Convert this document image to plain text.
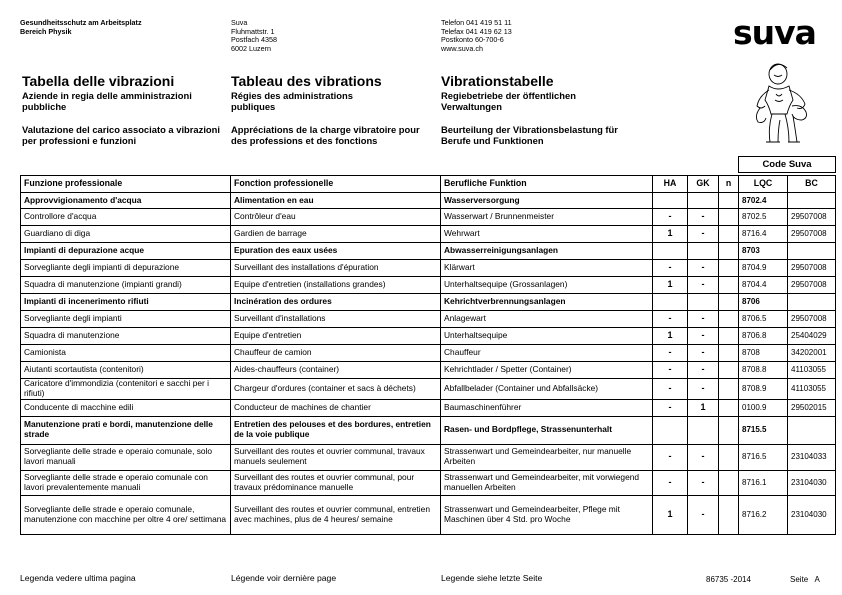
Gesundheitsschutz am Arbeitsplatz
Bereich Physik
Suva
Fluhmattstr. 1
Postfach 4358
6002 Luzern
Telefon 041 419 51 11
Telefax 041 419 62 13
Postkonto 60-700-6
www.suva.ch	suva
Tabella delle vibrazioni
Aziende in regia delle amministrazioni pubbliche
Valutazione del carico associato a vibrazioni per professioni e funzioni
Tableau des vibrations
Régies des administrations publiques
Appréciations de la charge vibratoire pour des professions et des fonctions
Vibrationstabelle
Regiebetriebe der öffentlichen Verwaltungen
Beurteilung der Vibrationsbelastung für Berufe und Funktionen
Code Suva
Funzione professionale	Fonction professionelle	Berufliche Funktion	HA	GK	n	LQC	BC
Approvvigionamento d'acqua	Alimentation en eau	Wasserversorgung				8702.4	
Controllore d'acqua	Contrôleur d'eau	Wasserwart / Brunnenmeister	-	-		8702.5	29507008
Guardiano di diga	Gardien de barrage	Wehrwart	1	-		8716.4	29507008
Impianti di depurazione acque	Epuration des eaux usées	Abwasserreinigungsanlagen				8703	
Sorvegliante degli impianti di depurazione	Surveillant des installations d'épuration	Klärwart	-	-		8704.9	29507008
Squadra di manutenzione (impianti grandi)	Equipe d'entretien (installations grandes)	Unterhaltsequipe (Grossanlagen)	1	-		8704.4	29507008
Impianti di incenerimento rifiuti	Incinération des ordures	Kehrichtverbrennungsanlagen				8706	
Sorvegliante degli impianti	Surveillant d'installations	Anlagewart	-	-		8706.5	29507008
Squadra di manutenzione	Equipe d'entretien	Unterhaltsequipe	1	-		8706.8	25404029
Camionista	Chauffeur de camion	Chauffeur	-	-		8708	34202001
Aiutanti scortautista (contenitori)	Aides-chauffeurs (container)	Kehrichtlader / Spetter (Container)	-	-		8708.8	41103055
Caricatore d'immondizia (contenitori e sacchi per i rifiuti)	Chargeur d'ordures (container et sacs à déchets)	Abfallbelader (Container und Abfallsäcke)	-	-		8708.9	41103055
Conducente di macchine edili	Conducteur de machines de chantier	Baumaschinenführer	-	1		0100.9	29502015
Manutenzione prati e bordi, manutenzione delle strade	Entretien des pelouses et des bordures, entretien de la voie publique	Rasen- und Bordpflege, Strassenunterhalt				8715.5	
Sorvegliante delle strade e operaio comunale, solo lavori manuali	Surveillant des routes et ouvrier communal, travaux manuels seulement	Strassenwart und Gemeindearbeiter, nur manuelle Arbeiten	-	-		8716.5	23104033
Sorvegliante delle strade e operaio comunale con lavori prevalentemente manuali	Surveillant des routes et ouvrier communal, pour travaux prédominance manuelle	Strassenwart und Gemeindearbeiter, mit vorwiegend manuellen Arbeiten	-	-		8716.1	23104030
Sorvegliante delle strade e operaio comunale, manutenzione con macchine per oltre 4 ore/ settimana	Surveillant des routes et ouvrier communal, entretien avec machines, plus de 4 heures/ semaine	Strassenwart und Gemeindearbeiter, Pflege mit Maschinen über 4 Std. pro Woche	1	-		8716.2	23104030
Legenda vedere ultima pagina	Légende voir dernière page	Legende siehe letzte Seite	86735 -2014	Seite   A
